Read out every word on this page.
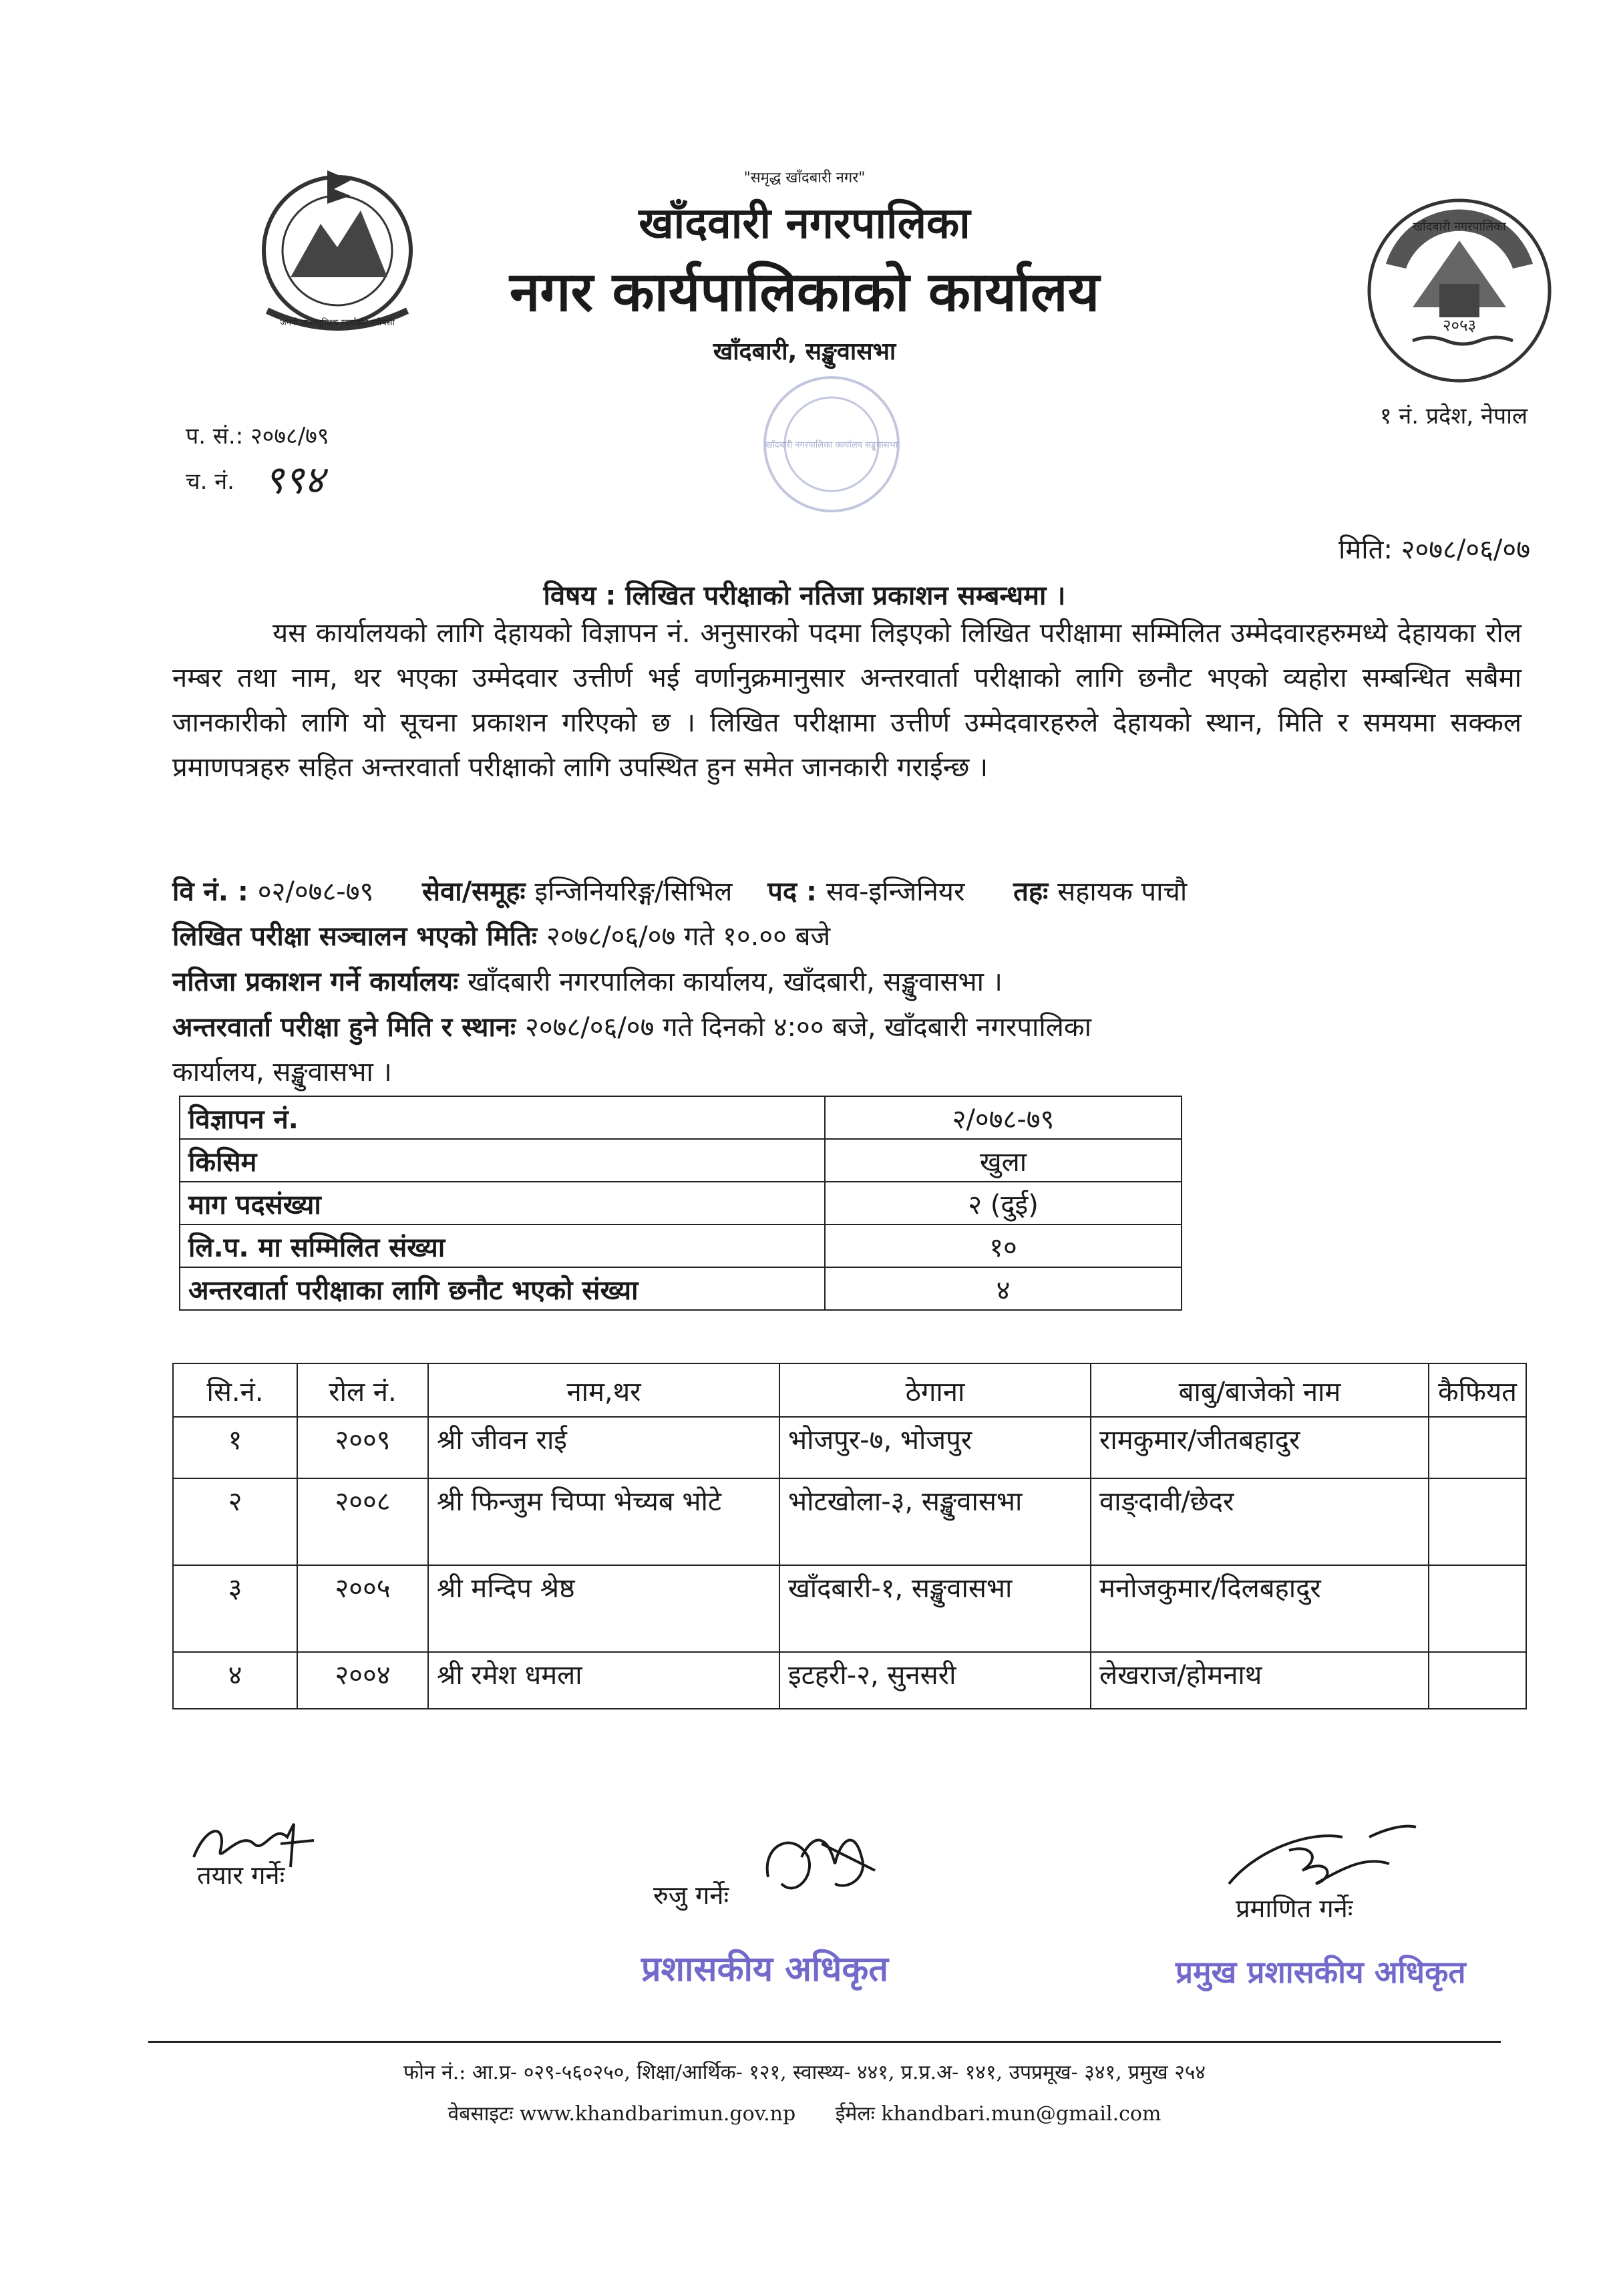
जननी जन्मभूमिश्च स्वर्गादपि गरीयसी
"समृद्ध खाँदबारी नगर"
खाँदवारी नगरपालिका
नगर कार्यपालिकाको कार्यालय
खाँदबारी, सङ्खुवासभा
२०५३
खाँदबारी नगरपालिका
खाँदबारी नगरपालिका कार्यालय सङ्खुवासभा
१ नं. प्रदेश, नेपाल
प. सं.: २०७८/७९
च. नं. ९९४
मिति: २०७८/०६/०७
विषय : लिखित परीक्षाको नतिजा प्रकाशन सम्बन्धमा ।

यस कार्यालयको लागि देहायको विज्ञापन नं. अनुसारको पदमा लिइएको लिखित परीक्षामा सम्मिलित उम्मेदवारहरुमध्ये देहायका रोल नम्बर तथा नाम, थर भएका उम्मेदवार उत्तीर्ण भई वर्णानुक्रमानुसार अन्तरवार्ता परीक्षाको लागि छनौट भएको व्यहोरा सम्बन्धित सबैमा जानकारीको लागि यो सूचना प्रकाशन गरिएको छ । लिखित परीक्षामा उत्तीर्ण उम्मेदवारहरुले देहायको स्थान, मिति र समयमा सक्कल प्रमाणपत्रहरु सहित अन्तरवार्ता परीक्षाको लागि उपस्थित हुन समेत जानकारी गराईन्छ ।

वि नं. : ०२/०७८-७९ सेवा/समूहः इन्जिनियरिङ्ग/सिभिल पद : सव-इन्जिनियर तहः सहायक पाचौ
लिखित परीक्षा सञ्चालन भएको मितिः २०७८/०६/०७ गते १०.०० बजे
नतिजा प्रकाशन गर्ने कार्यालयः खाँदबारी नगरपालिका कार्यालय, खाँदबारी, सङ्खुवासभा ।
अन्तरवार्ता परीक्षा हुने मिति र स्थानः २०७८/०६/०७ गते दिनको ४:०० बजे, खाँदबारी नगरपालिका
कार्यालय, सङ्खुवासभा ।
विज्ञापन नं.	२/०७८-७९
किसिम	खुला
माग पदसंख्या	२ (दुई)
लि.प. मा सम्मिलित संख्या	१०
अन्तरवार्ता परीक्षाका लागि छनौट भएको संख्या	४
सि.नं.	रोल नं.	नाम,थर	ठेगाना	बाबु/बाजेको नाम	कैफियत
१	२००९	श्री जीवन राई	भोजपुर-७, भोजपुर	रामकुमार/जीतबहादुर	
२	२००८	श्री फिन्जुम चिप्पा भेच्यब भोटे	भोटखोला-३, सङ्खुवासभा	वाङ्दावी/छेदर	
३	२००५	श्री मन्दिप श्रेष्ठ	खाँदबारी-१, सङ्खुवासभा	मनोजकुमार/दिलबहादुर	
४	२००४	श्री रमेश धमला	इटहरी-२, सुनसरी	लेखराज/होमनाथ	
तयार गर्नेः
रुजु गर्नेः
प्रशासकीय अधिकृत
प्रमाणित गर्नेः
प्रमुख प्रशासकीय अधिकृत
फोन नं.: आ.प्र- ०२९-५६०२५०, शिक्षा/आर्थिक- १२१, स्वास्थ्य- ४४१, प्र.प्र.अ- १४१, उपप्रमूख- ३४१, प्रमुख २५४
वेबसाइटः www.khandbarimun.gov.np ईमेलः khandbari.mun@gmail.com
